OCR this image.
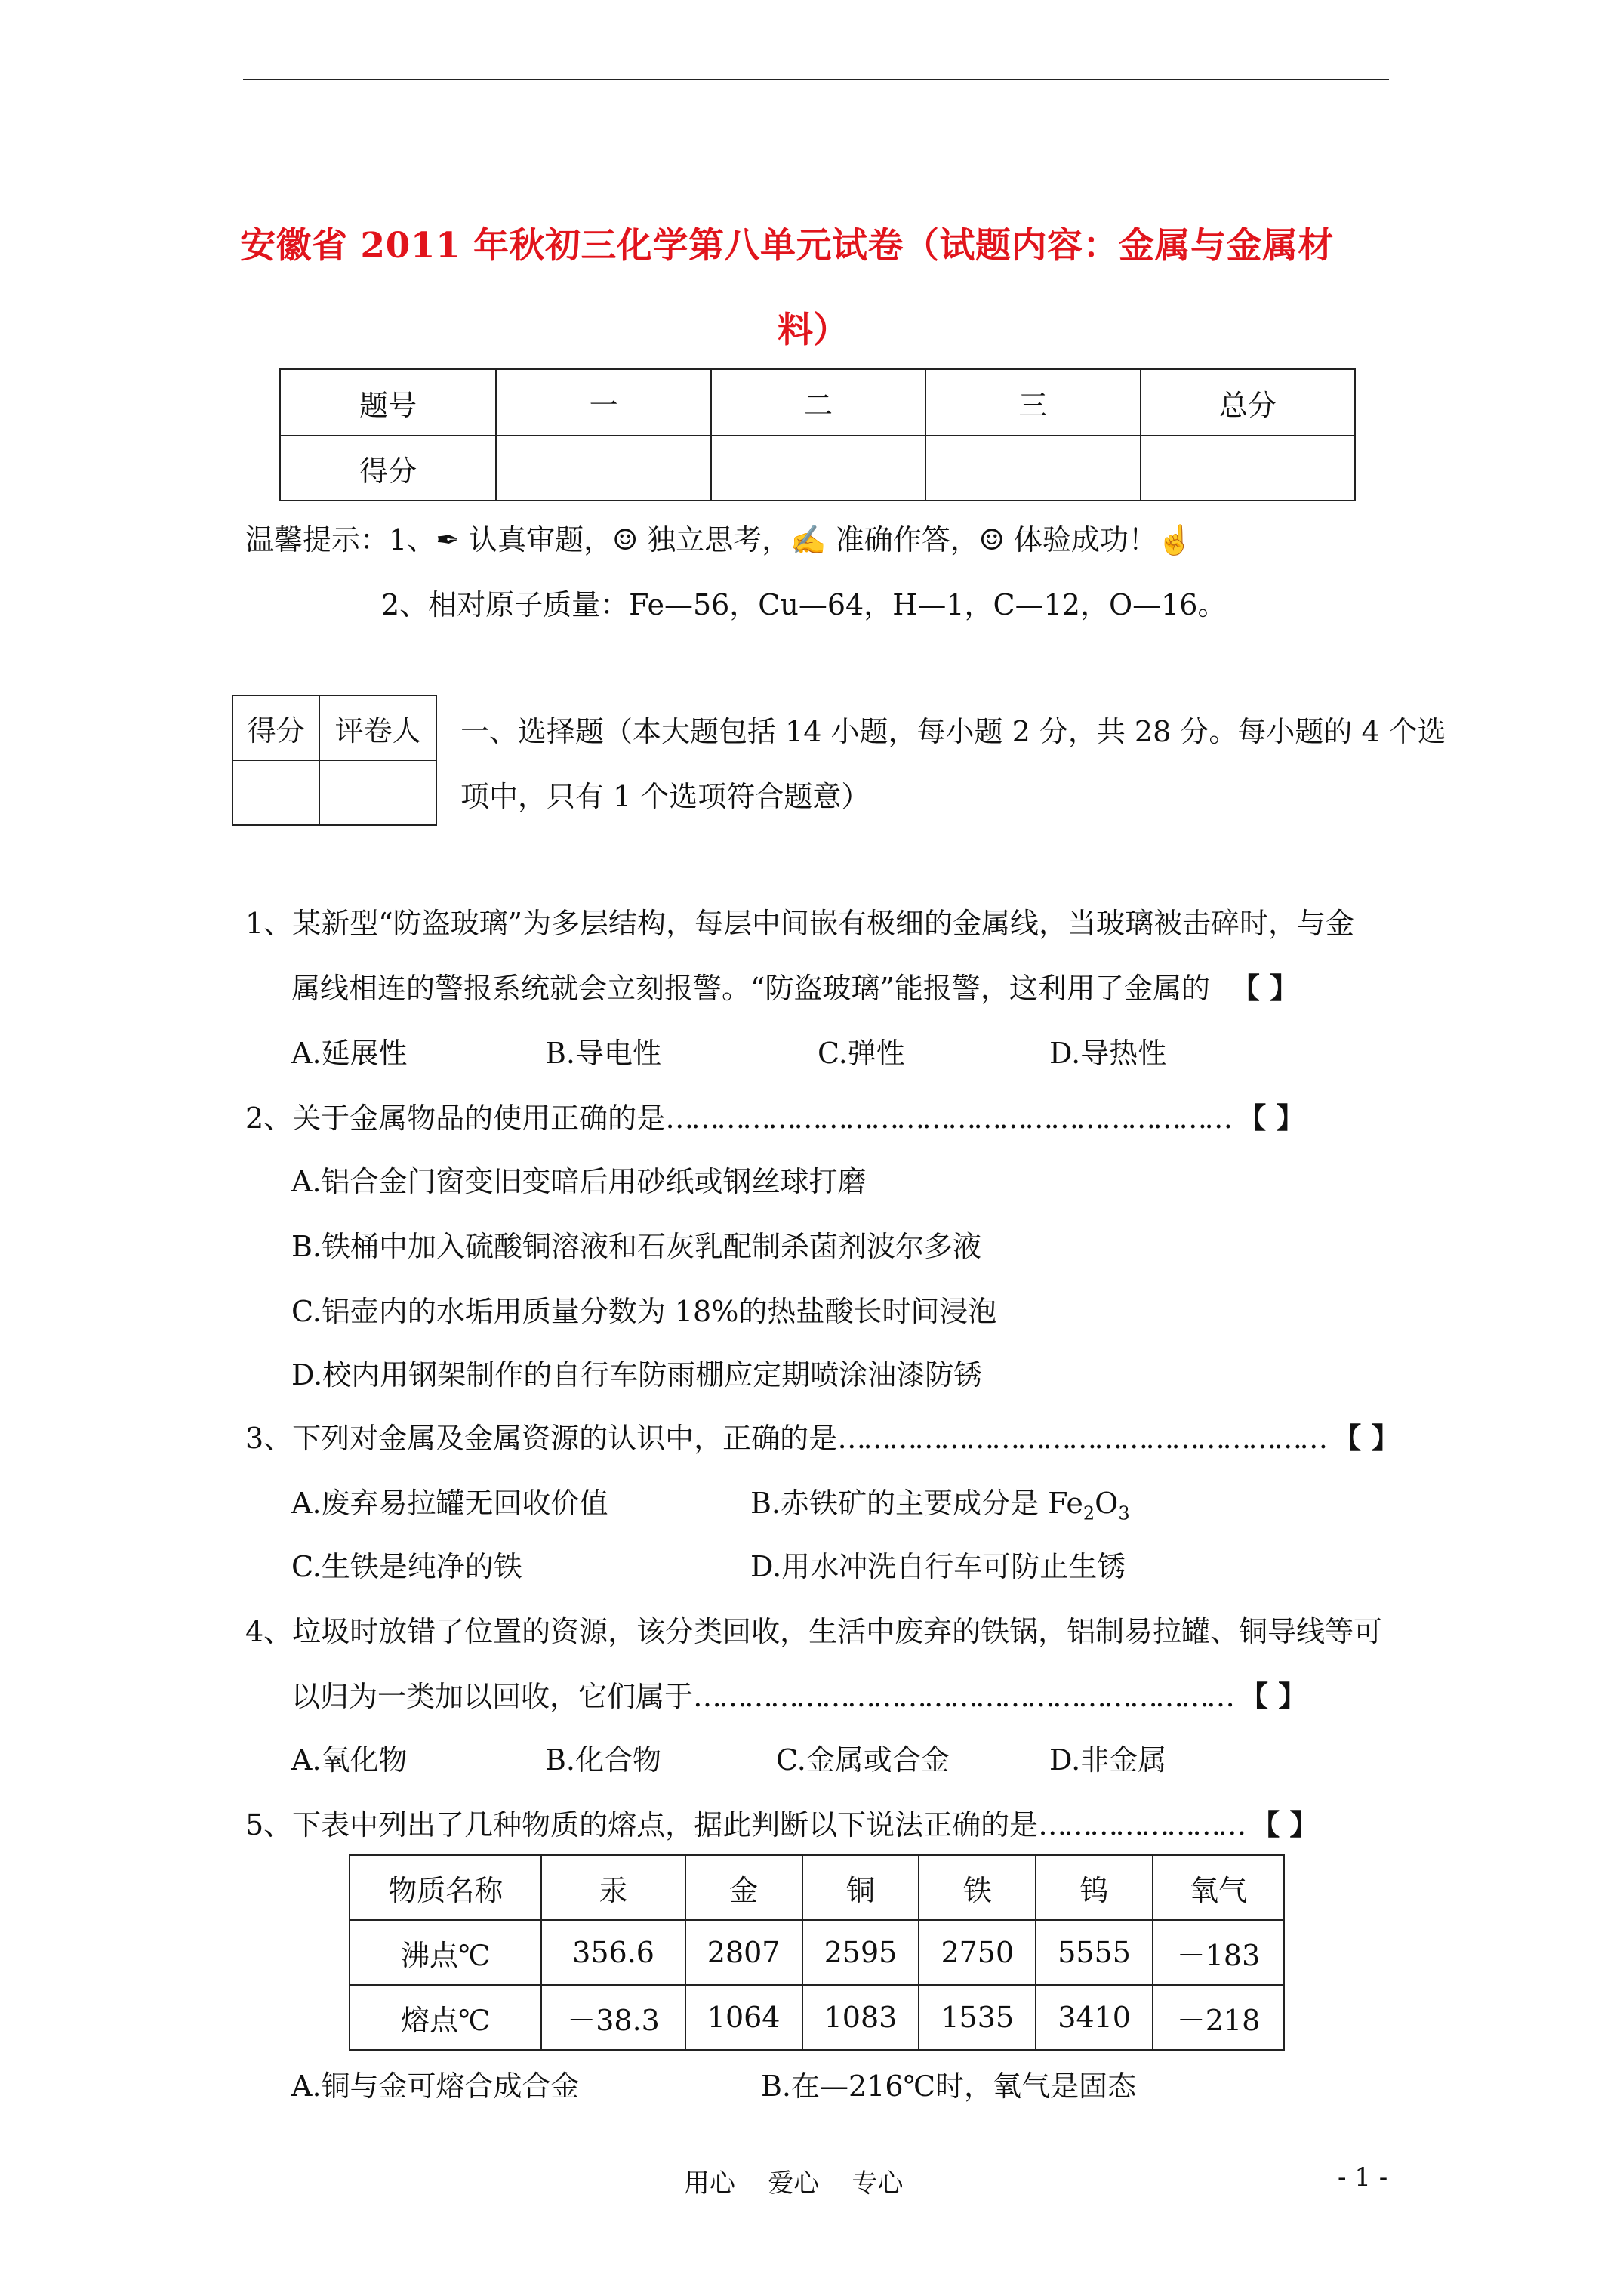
安徽省 2011 年秋初三化学第八单元试卷（试题内容：金属与金属材
料）
题号	一	二	三	总分
得分				
温馨提示：1、✒ 认真审题，☺ 独立思考，✍ 准确作答，☺ 体验成功！☝
2、相对原子质量：Fe—56，Cu—64，H—1，C—12，O—16。
得分	评卷人
	一、选择题（本大题包括 14 小题，每小题 2 分，共 28 分。每小题的 4 个选
项中，只有 1 个选项符合题意）
1、某新型“防盗玻璃”为多层结构，每层中间嵌有极细的金属线，当玻璃被击碎时，与金
属线相连的警报系统就会立刻报警。“防盗玻璃”能报警，这利用了金属的 【 】
A.延展性	B.导电性	C.弹性	D.导热性
2、关于金属物品的使用正确的是………………………………………………………… 【 】
A.铝合金门窗变旧变暗后用砂纸或钢丝球打磨
B.铁桶中加入硫酸铜溶液和石灰乳配制杀菌剂波尔多液
C.铝壶内的水垢用质量分数为 18%的热盐酸长时间浸泡
D.校内用钢架制作的自行车防雨棚应定期喷涂油漆防锈
3、下列对金属及金属资源的认识中，正确的是………………………………………………… 【 】
A.废弃易拉罐无回收价值	B.赤铁矿的主要成分是 $Fe_2O_3$
C.生铁是纯净的铁	D.用水冲洗自行车可防止生锈
4、垃圾时放错了位置的资源，该分类回收，生活中废弃的铁锅，铝制易拉罐、铜导线等可
以归为一类加以回收，它们属于……………………………………………………… 【 】
A.氧化物	B.化合物	C.金属或合金	D.非金属
5、下表中列出了几种物质的熔点，据此判断以下说法正确的是…………………… 【 】
物质名称	汞	金	铜	铁	钨	氧气
沸点℃	356.6	2807	2595	2750	5555	－183
熔点℃	－38.3	1064	1083	1535	3410	－218
A.铜与金可熔合成合金	B.在—216℃时，氧气是固态
用心    爱心    专心	- 1 -
